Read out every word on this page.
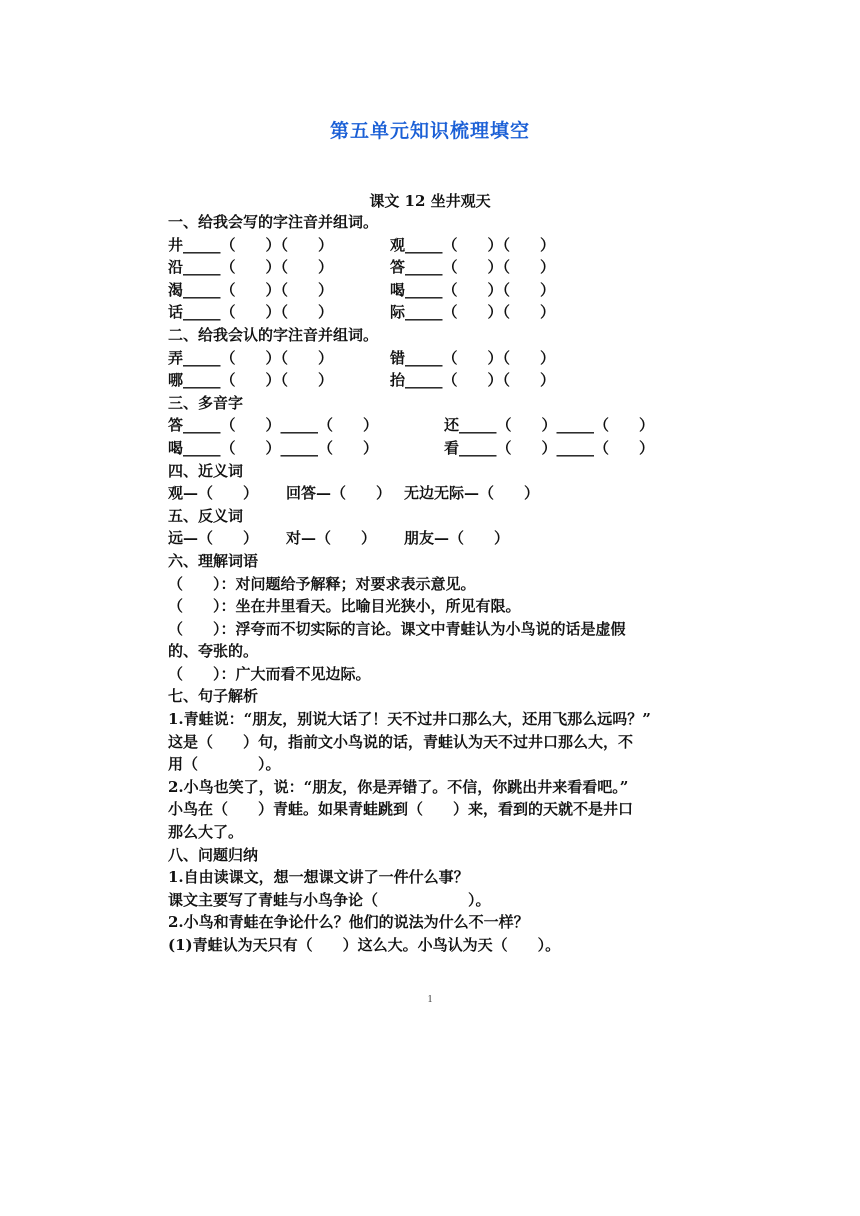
第五单元知识梳理填空
课文 12 坐井观天
一、给我会写的字注音并组词。
井_____（　　）（　　）	观_____（　　）（　　）
沿_____（　　）（　　）	答_____（　　）（　　）
渴_____（　　）（　　）	喝_____（　　）（　　）
话_____（　　）（　　）	际_____（　　）（　　）
二、给我会认的字注音并组词。
弄_____（　　）（　　）	错_____（　　）（　　）
哪_____（　　）（　　）	抬_____（　　）（　　）
三、多音字
答_____（　　）_____（　　）	还_____（　　）_____（　　）
喝_____（　　）_____（　　）	看_____（　　）_____（　　）
四、近义词
观—（　　）	回答—（　　） 无边无际—（　　）
五、反义词
远—（　　）	对—（　　）	朋友—（　　）
六、理解词语
（　　）：对问题给予解释；对要求表示意见。
（　　）：坐在井里看天。比喻目光狭小，所见有限。
（　　）：浮夸而不切实际的言论。课文中青蛙认为小鸟说的话是虚假
的、夸张的。
（　　）：广大而看不见边际。
七、句子解析
1.青蛙说：“朋友，别说大话了！天不过井口那么大，还用飞那么远吗？”
这是（　　）句，指前文小鸟说的话，青蛙认为天不过井口那么大，不
用（　　　　）。
2.小鸟也笑了，说：“朋友，你是弄错了。不信，你跳出井来看看吧。”
小鸟在（　　）青蛙。如果青蛙跳到（　　）来，看到的天就不是井口
那么大了。
八、问题归纳
1.自由读课文，想一想课文讲了一件什么事？
课文主要写了青蛙与小鸟争论（　　　　　　）。
2.小鸟和青蛙在争论什么？他们的说法为什么不一样？
(1)青蛙认为天只有（　　）这么大。小鸟认为天（　　）。
1
